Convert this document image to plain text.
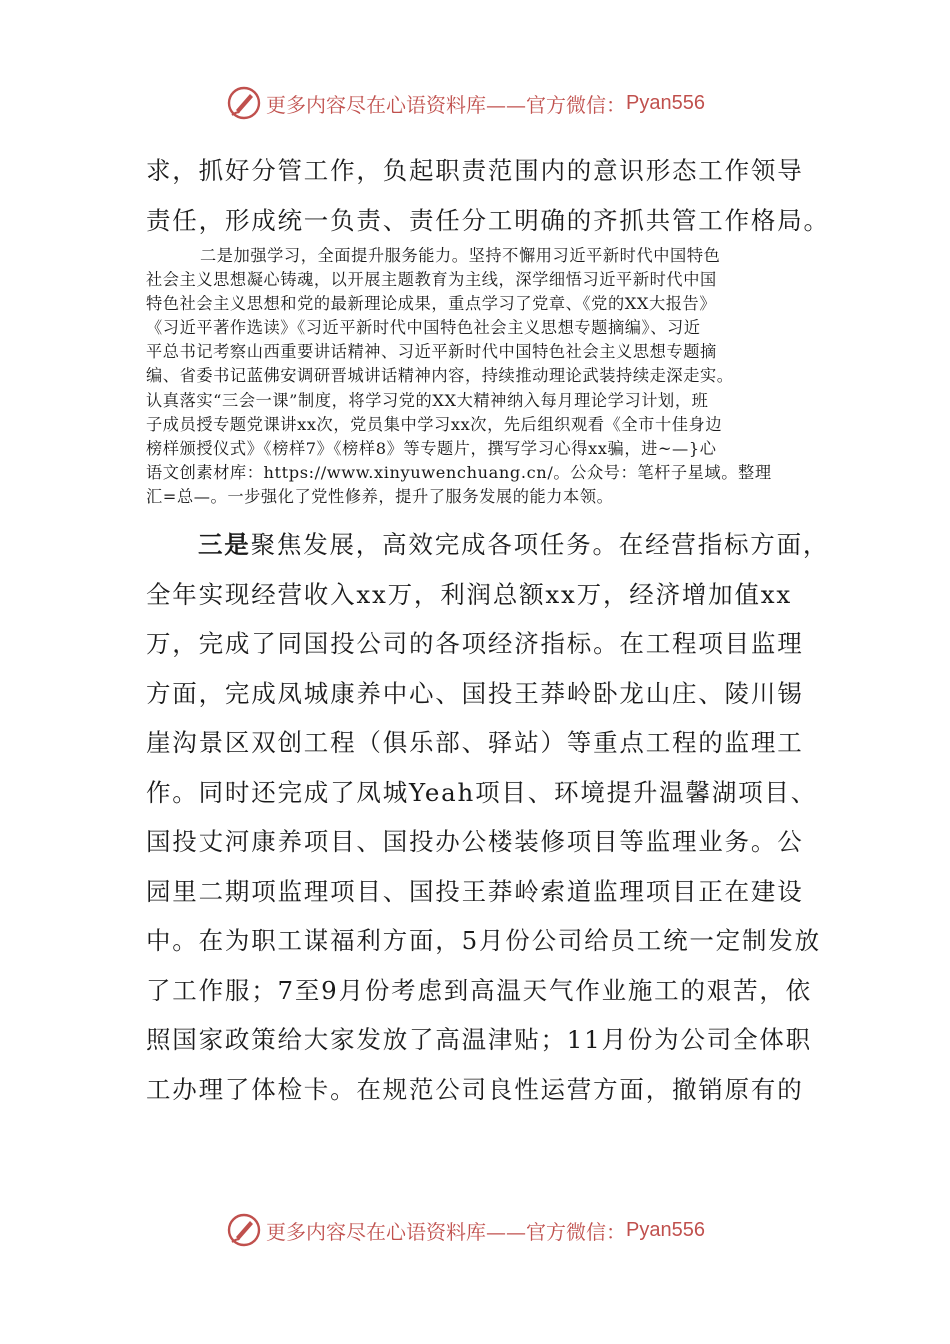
更多内容尽在心语资料库——官方微信： Pyan556
求，抓好分管工作，负起职责范围内的意识形态工作领导
责任，形成统一负责、责任分工明确的齐抓共管工作格局。
二是加强学习，全面提升服务能力。坚持不懈用习近平新时代中国特色
社会主义思想凝心铸魂，以开展主题教育为主线，深学细悟习近平新时代中国
特色社会主义思想和党的最新理论成果，重点学习了党章、《党的XX大报告》
《习近平著作选读》《习近平新时代中国特色社会主义思想专题摘编》、习近
平总书记考察山西重要讲话精神、习近平新时代中国特色社会主义思想专题摘
编、省委书记蓝佛安调研晋城讲话精神内容，持续推动理论武装持续走深走实。
认真落实“三会一课”制度，将学习党的XX大精神纳入每月理论学习计划，班
子成员授专题党课讲xx次，党员集中学习xx次，先后组织观看《全市十佳身边
榜样颁授仪式》《榜样7》《榜样8》等专题片，撰写学习心得xx骗，进~—}心
语文创素材库：https://www.xinyuwenchuang.cn/。公众号：笔杆子星域。整理
汇=总—。一步强化了党性修养，提升了服务发展的能力本领。
三是聚焦发展，高效完成各项任务。在经营指标方面，
全年实现经营收入xx万，利润总额xx万，经济增加值xx
万，完成了同国投公司的各项经济指标。在工程项目监理
方面，完成凤城康养中心、国投王莽岭卧龙山庄、陵川锡
崖沟景区双创工程（俱乐部、驿站）等重点工程的监理工
作。同时还完成了凤城Yeah项目、环境提升温馨湖项目、
国投丈河康养项目、国投办公楼装修项目等监理业务。公
园里二期项监理项目、国投王莽岭索道监理项目正在建设
中。在为职工谋福利方面，5月份公司给员工统一定制发放
了工作服；7至9月份考虑到高温天气作业施工的艰苦，依
照国家政策给大家发放了高温津贴；11月份为公司全体职
工办理了体检卡。在规范公司良性运营方面，撤销原有的
更多内容尽在心语资料库——官方微信： Pyan556
